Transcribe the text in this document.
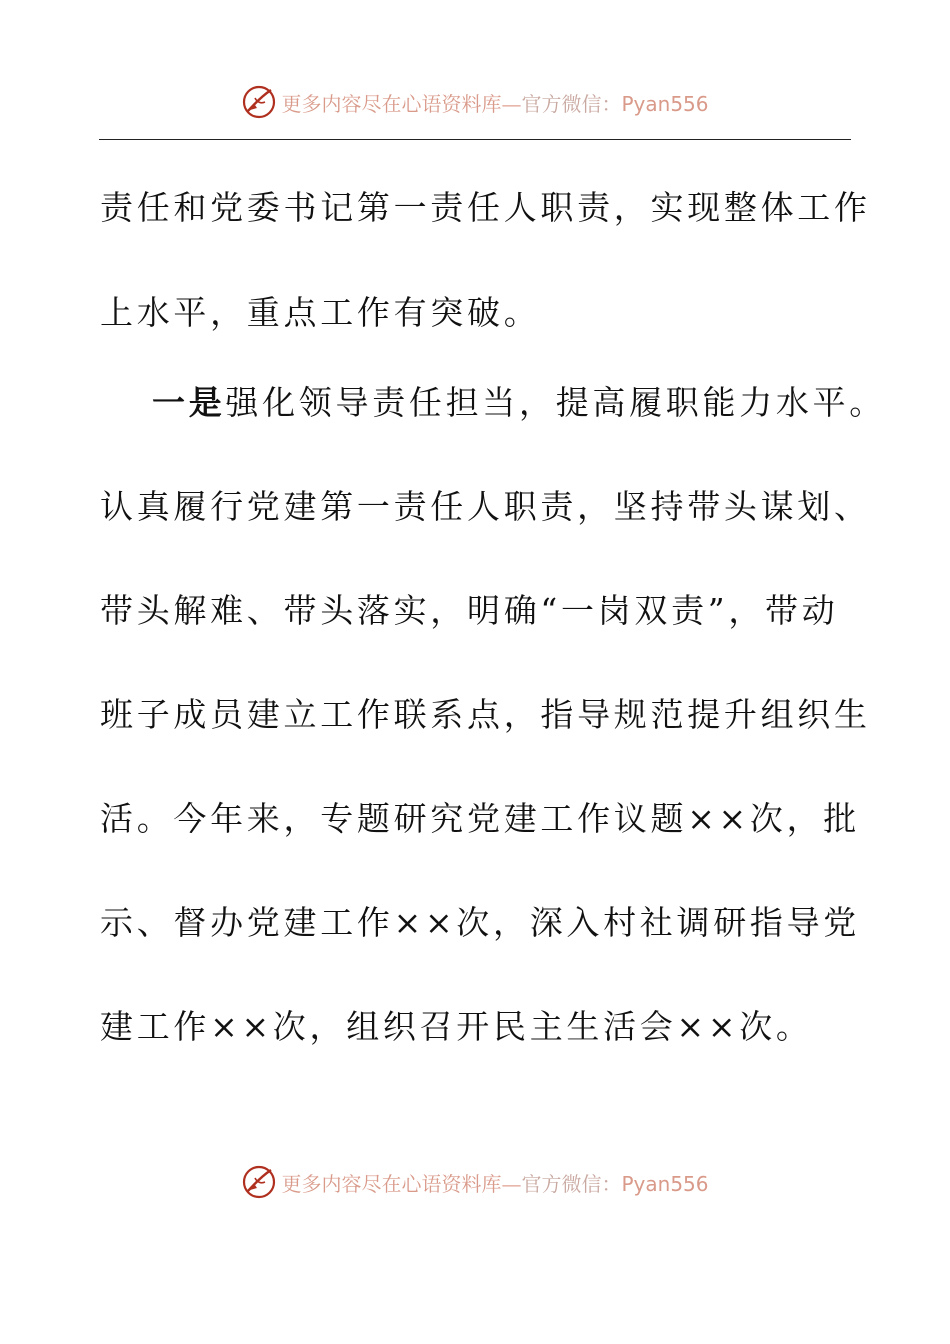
更多内容尽在心语资料库—官方微信：Pyan556
责任和党委书记第一责任人职责，实现整体工作
上水平，重点工作有突破。
一是强化领导责任担当，提高履职能力水平。
认真履行党建第一责任人职责，坚持带头谋划、
带头解难、带头落实，明确“一岗双责”，带动
班子成员建立工作联系点，指导规范提升组织生
活。今年来，专题研究党建工作议题××次，批
示、督办党建工作××次，深入村社调研指导党
建工作××次，组织召开民主生活会××次。
更多内容尽在心语资料库—官方微信：Pyan556
